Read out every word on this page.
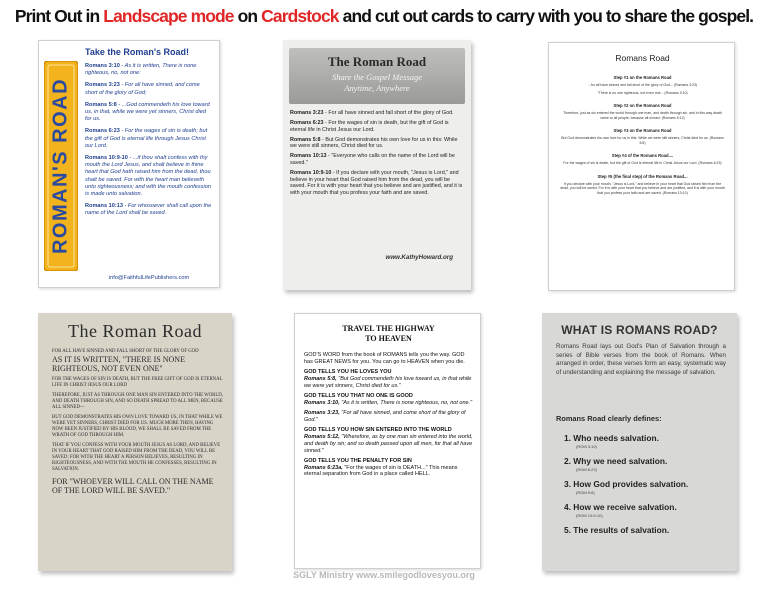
Print Out in Landscape mode on Cardstock and cut out cards to carry with you to share the gospel.
Take the Roman's Road!
ROMAN'S ROAD
Romans 3:10 - As it is written, There is none righteous, no, not one:
Romans 3:23 - For all have sinned, and come short of the glory of God;
Romans 5:8 - ...God commendeth his love toward us, in that, while we were yet sinners, Christ died for us.
Romans 6:23 - For the wages of sin is death; but the gift of God is eternal life through Jesus Christ our Lord.
Romans 10:9-10 - ...if thou shalt confess with thy mouth the Lord Jesus, and shalt believe in thine heart that God hath raised him from the dead, thou shalt be saved. For with the heart man believeth unto righteousness; and with the mouth confession is made unto salvation.
Romans 10:13 - For whosoever shall call upon the name of the Lord shall be saved.
info@FaithfulLifePublishers.com
The Roman Road
Share the Gospel Message
Anytime, Anywhere
Romans 3:23 - For all have sinned and fall short of the glory of God.
Romans 6:23 - For the wages of sin is death, but the gift of God is eternal life in Christ Jesus our Lord.
Romans 5:8 - But God demonstrates his own love for us in this: While we were still sinners, Christ died for us.
Romans 10:13 - "Everyone who calls on the name of the Lord will be saved."
Romans 10:9-10 - If you declare with your mouth, "Jesus is Lord," and believe in your heart that God raised him from the dead, you will be saved. For it is with your heart that you believe and are justified, and it is with your mouth that you profess your faith and are saved.
www.KathyHoward.org
Romans Road
Step #1 on the Romans Road
...for all have sinned and fall short of the glory of God... (Romans 3:23)
"There is no one righteous, not even one... (Romans 3:10)
Step #2 on the Romans Road
Therefore, just as sin entered the world through one man, and death through sin, and in this way death came to all people, because all sinned. (Romans 5:12)
Step #3 on the Romans Road
But God demonstrates his own love for us in this: While we were still sinners, Christ died for us. (Romans 5:8)
Step #4 of the Romans Road....
For the wages of sin is death, but the gift of God is eternal life in Christ Jesus our Lord. (Romans 6:23)
Step #5 (the final step) of the Romans Road...
If you declare with your mouth, "Jesus is Lord," and believe in your heart that God raised him from the dead, you will be saved. For it is with your heart that you believe and are justified, and it is with your mouth that you profess your faith and are saved. (Romans 10:10)
The Roman Road
FOR ALL HAVE SINNED AND FALL SHORT OF THE GLORY OF GOD
AS IT IS WRITTEN, "THERE IS NONE RIGHTEOUS, NOT EVEN ONE"
FOR THE WAGES OF SIN IS DEATH, BUT THE FREE GIFT OF GOD IS ETERNAL LIFE IN CHRIST JESUS OUR LORD
THEREFORE, JUST AS THROUGH ONE MAN SIN ENTERED INTO THE WORLD, AND DEATH THROUGH SIN, AND SO DEATH SPREAD TO ALL MEN, BECAUSE ALL SINNED—
BUT GOD DEMONSTRATES HIS OWN LOVE TOWARD US, IN THAT WHILE WE WERE YET SINNERS, CHRIST DIED FOR US. MUCH MORE THEN, HAVING NOW BEEN JUSTIFIED BY HIS BLOOD, WE SHALL BE SAVED FROM THE WRATH OF GOD THROUGH HIM.
THAT IF YOU CONFESS WITH YOUR MOUTH JESUS AS LORD, AND BELIEVE IN YOUR HEART THAT GOD RAISED HIM FROM THE DEAD, YOU WILL BE SAVED; FOR WITH THE HEART A PERSON BELIEVES, RESULTING IN RIGHTEOUSNESS, AND WITH THE MOUTH HE CONFESSES, RESULTING IN SALVATION.
FOR "WHOEVER WILL CALL ON THE NAME OF THE LORD WILL BE SAVED."
TRAVEL THE HIGHWAY
TO HEAVEN
GOD'S WORD from the book of ROMANS tells you the way. GOD has GREAT NEWS for you. You can go to HEAVEN when you die.
GOD TELLS YOU HE LOVES YOU
Romans 5:8, "But God commendeth his love toward us, in that while we were yet sinners, Christ died for us."
GOD TELLS YOU THAT NO ONE IS GOOD
Romans 3:10, "As it is written, There is none righteous, no, not one."
Romans 3:23, "For all have sinned, and come short of the glory of God."
GOD TELLS YOU HOW SIN ENTERED INTO THE WORLD
Romans 5:12, "Wherefore, as by one man sin entered into the world, and death by sin; and so death passed upon all men, for that all have sinned."
GOD TELLS YOU THE PENALTY FOR SIN
Romans 6:23a, "For the wages of sin is DEATH..." This means eternal separation from God in a place called HELL.
WHAT IS ROMANS ROAD?
Romans Road lays out God's Plan of Salvation through a series of Bible verses from the book of Romans. When arranged in order, these verses form an easy, systematic way of understanding and explaining the message of salvation.
Romans Road clearly defines:
1. Who needs salvation.
(ROM 3:10)
2. Why we need salvation.
(ROM 6:23)
3. How God provides salvation.
(ROM 5:8)
4. How we receive salvation.
(ROM 10:9-10)
5. The results of salvation.
SGLY Ministry www.smilegodlovesyou.org
